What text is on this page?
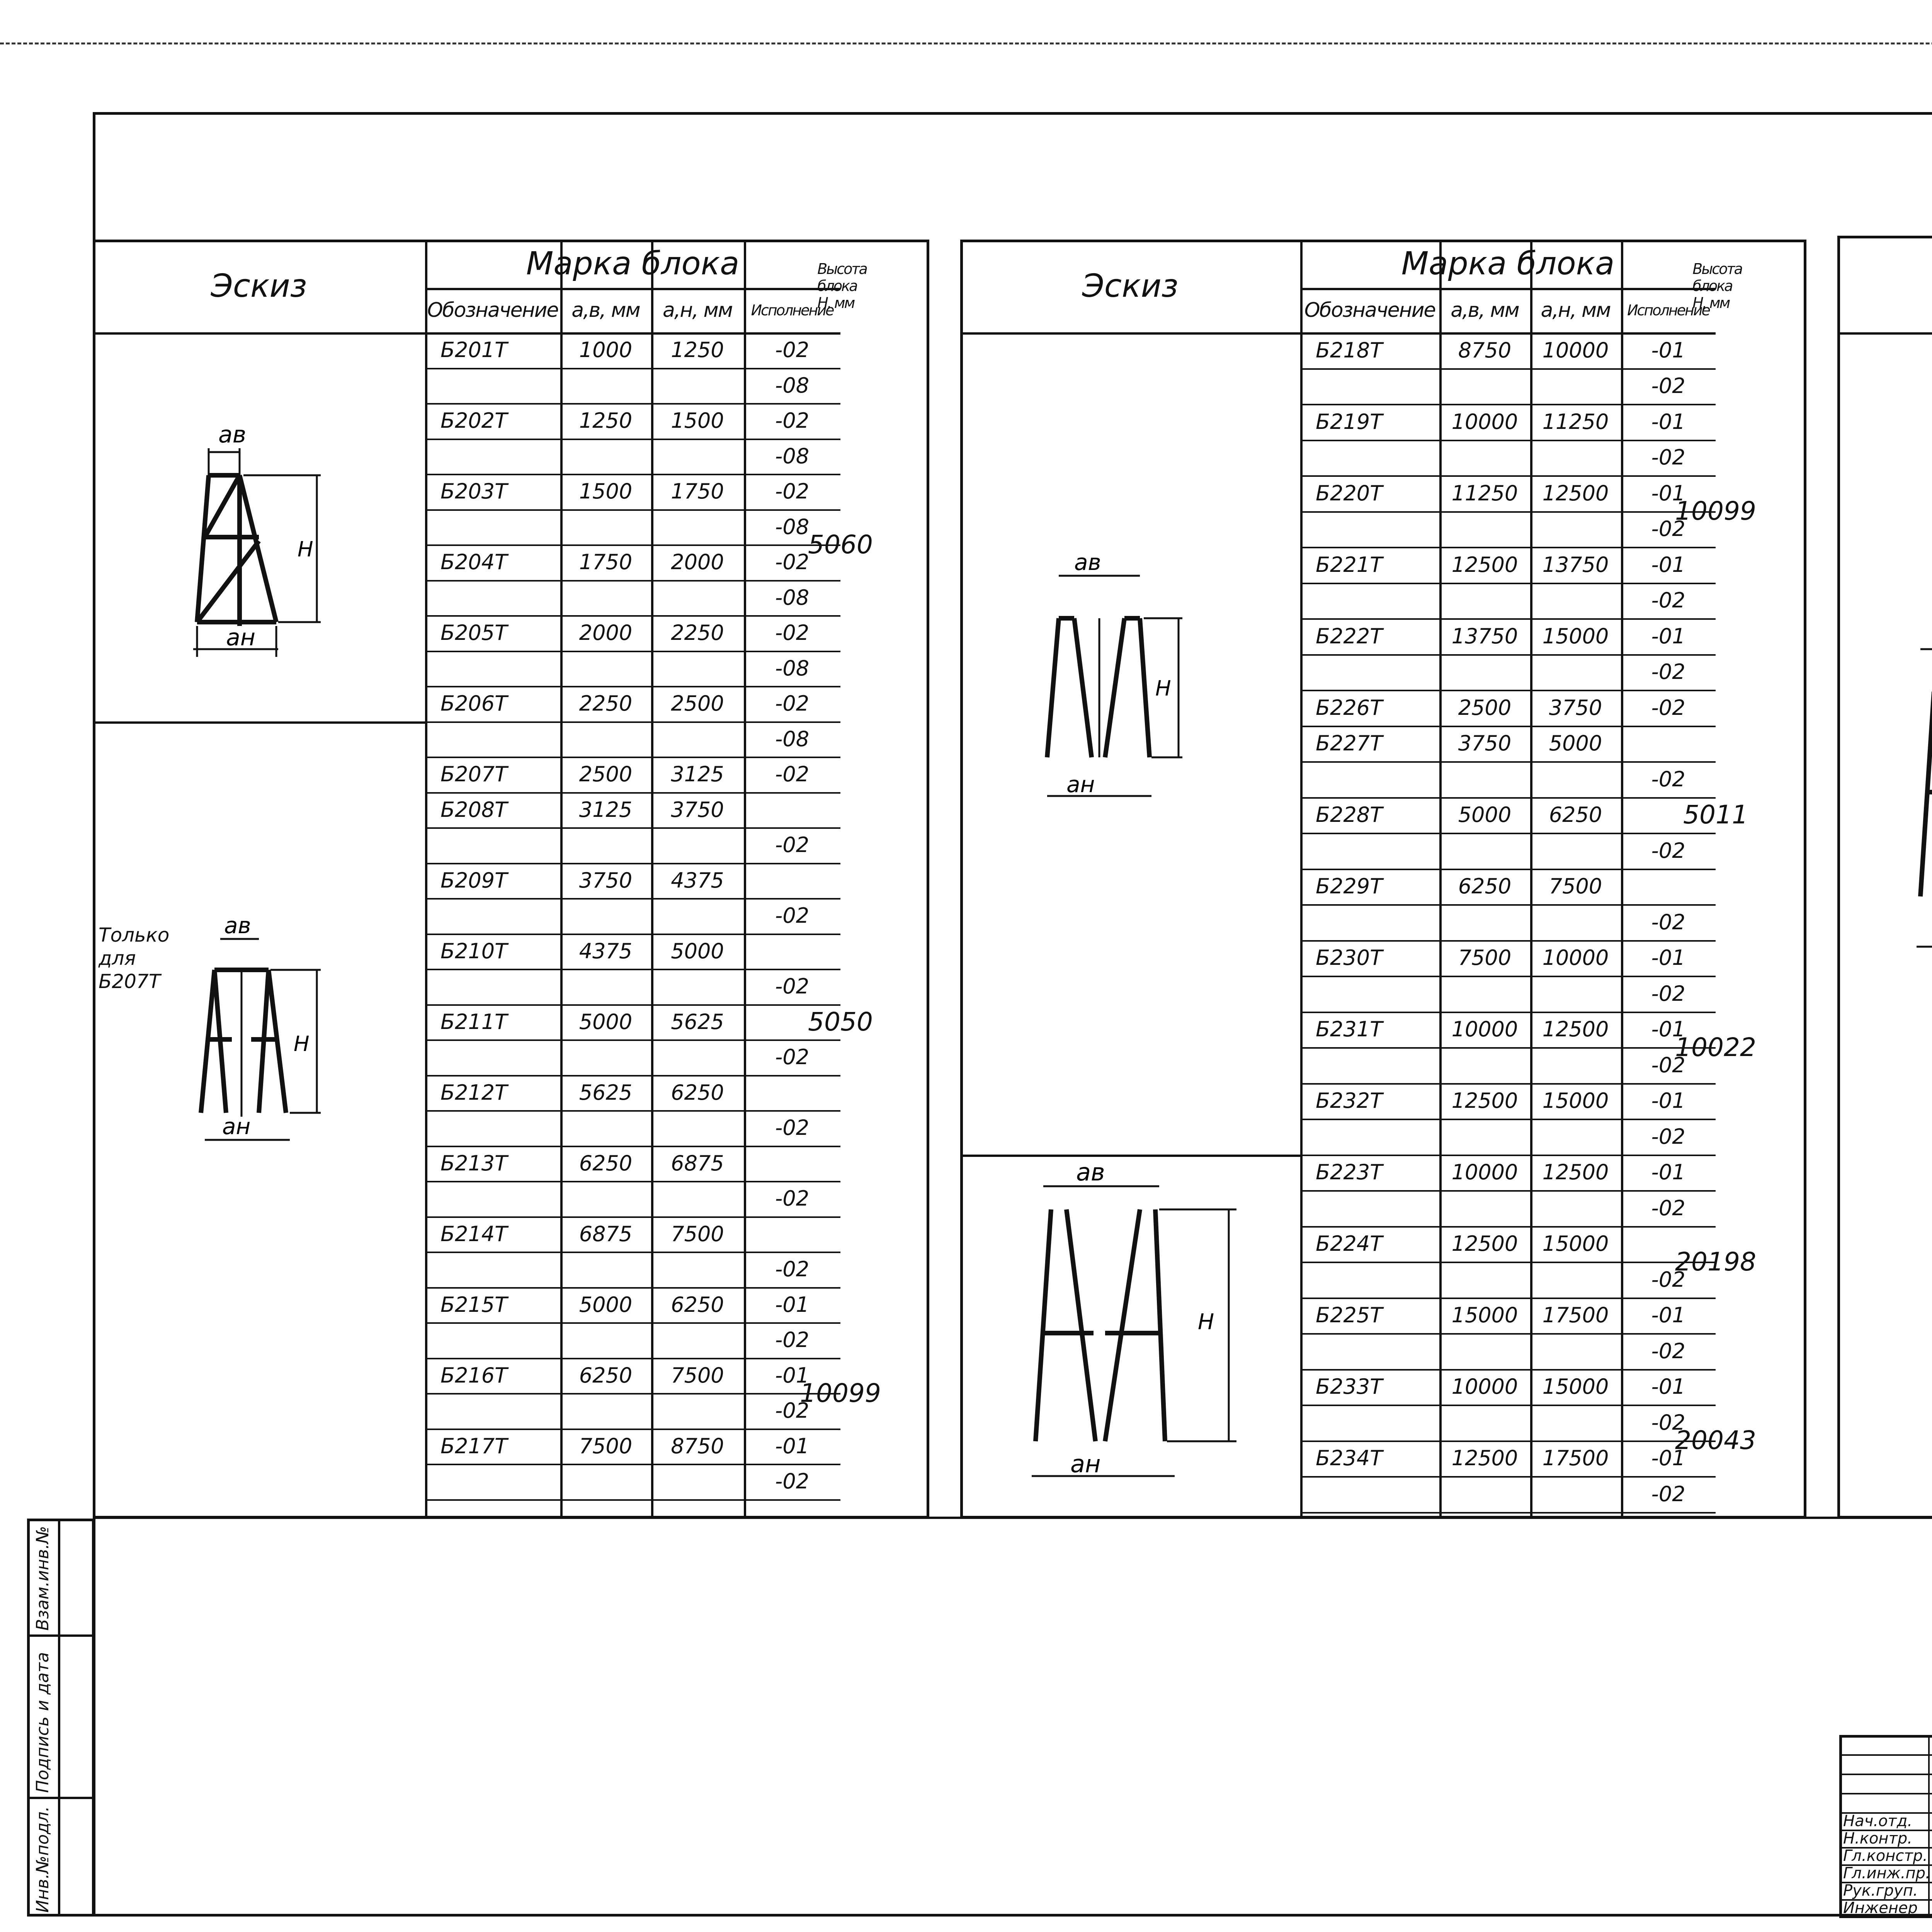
Инв.№подл.
Подпись и дата
Взам.инв.№
aв
aн
Н
aв
aн
Н
Только для Б207Т
aв
aн
Н
aв
aн
Н
Эскиз
Марка блока
Обозначение a,в, мм	a,н, мм	Исполнение
Высота блока Н, мм
Б201Т	1000	1250	-02
-08
Б202Т	1250	1500	-02
-08
Б203Т	1500	1750	-02
-08
Б204Т	1750	2000	-02
-08
Б205Т	2000	2250	-02
-08
Б206Т	2250	2500	-02
-08
Б207Т	2500	3125	-02
Б208Т	3125	3750
-02
Б209Т	3750	4375
-02
Б210Т	4375	5000
-02
Б211Т	5000	5625
-02
Б212Т	5625	6250
-02
Б213Т	6250	6875
-02
Б214Т	6875	7500
-02
Б215Т	5000	6250	-01
-02
Б216Т	6250	7500	-01
-02
Б217Т	7500	8750	-01
-02
5060
5050
10099
Эскиз
Марка блока
Обозначение a,в, мм	a,н, мм	Исполнение
Высота блока Н, мм
Б218Т	8750	10000	-01
-02
Б219Т	10000	11250	-01
-02
Б220Т	11250	12500	-01
-02
Б221Т	12500	13750	-01
-02
Б222Т	13750	15000	-01
-02
Б226Т	2500	3750	-02
Б227Т	3750	5000
-02
Б228Т	5000	6250
-02
Б229Т	6250	7500
-02
Б230Т	7500	10000	-01
-02
Б231Т	10000	12500	-01
-02
Б232Т	12500	15000	-01
-02
Б223Т	10000	12500	-01
-02
Б224Т	12500	15000
-02
Б225Т	15000	17500	-01
-02
Б233Т	10000	15000	-01
-02
Б234Т	12500	17500	-01
-02
10099
5011
10022
20198
20043
Нач.отд.
Н.контр.
Гл.констр.
Гл.инж.пр.
Рук.груп.
Инженер
